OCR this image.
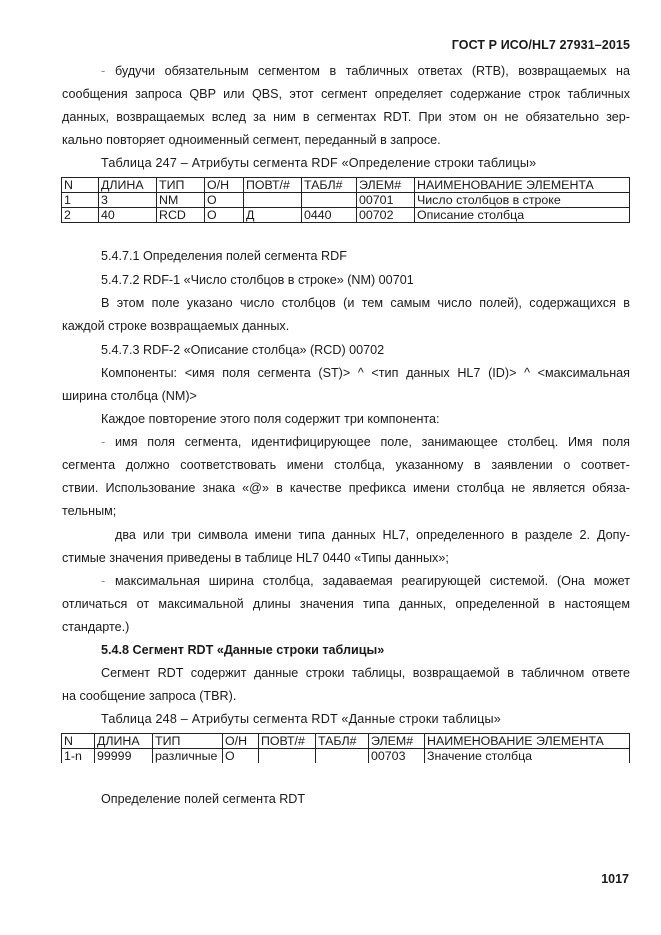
ГОСТ Р ИСО/HL7 27931–2015
- будучи обязательным сегментом в табличных ответах (RTB), возвращаемых на
сообщения запроса QBP или QBS, этот сегмент определяет содержание строк табличных
данных, возвращаемых вслед за ним в сегментах RDT. При этом он не обязательно зер-
кально повторяет одноименный сегмент, переданный в запросе.
Таблица 247 – Атрибуты сегмента RDF «Определение строки таблицы»
N	ДЛИНА	ТИП	О/Н	ПОВТ/#	ТАБЛ#	ЭЛЕМ#	НАИМЕНОВАНИЕ ЭЛЕМЕНТА
1	3	NM	O			00701	Число столбцов в строке
2	40	RCD	O	Д	0440	00702	Описание столбца
5.4.7.1 Определения полей сегмента RDF
5.4.7.2 RDF-1 «Число столбцов в строке» (NM) 00701
В этом поле указано число столбцов (и тем самым число полей), содержащихся в
каждой строке возвращаемых данных.
5.4.7.3 RDF-2 «Описание столбца» (RCD) 00702
Компоненты: <имя поля сегмента (ST)> ^ <тип данных HL7 (ID)> ^ <максимальная
ширина столбца (NM)>
Каждое повторение этого поля содержит три компонента:
- имя поля сегмента, идентифицирующее поле, занимающее столбец. Имя поля
сегмента должно соответствовать имени столбца, указанному в заявлении о соответ-
ствии. Использование знака «@» в качестве префикса имени столбца не является обяза-
тельным;
два или три символа имени типа данных HL7, определенного в разделе 2. Допу-
стимые значения приведены в таблице HL7 0440 «Типы данных»;
- максимальная ширина столбца, задаваемая реагирующей системой. (Она может
отличаться от максимальной длины значения типа данных, определенной в настоящем
стандарте.)
5.4.8 Сегмент RDT «Данные строки таблицы»
Сегмент RDT содержит данные строки таблицы, возвращаемой в табличном ответе
на сообщение запроса (TBR).
Таблица 248 – Атрибуты сегмента RDT «Данные строки таблицы»
N	ДЛИНА	ТИП	О/Н	ПОВТ/#	ТАБЛ#	ЭЛЕМ#	НАИМЕНОВАНИЕ ЭЛЕМЕНТА
1-n	99999	различные	O			00703	Значение столбца
Определение полей сегмента RDT
1017
